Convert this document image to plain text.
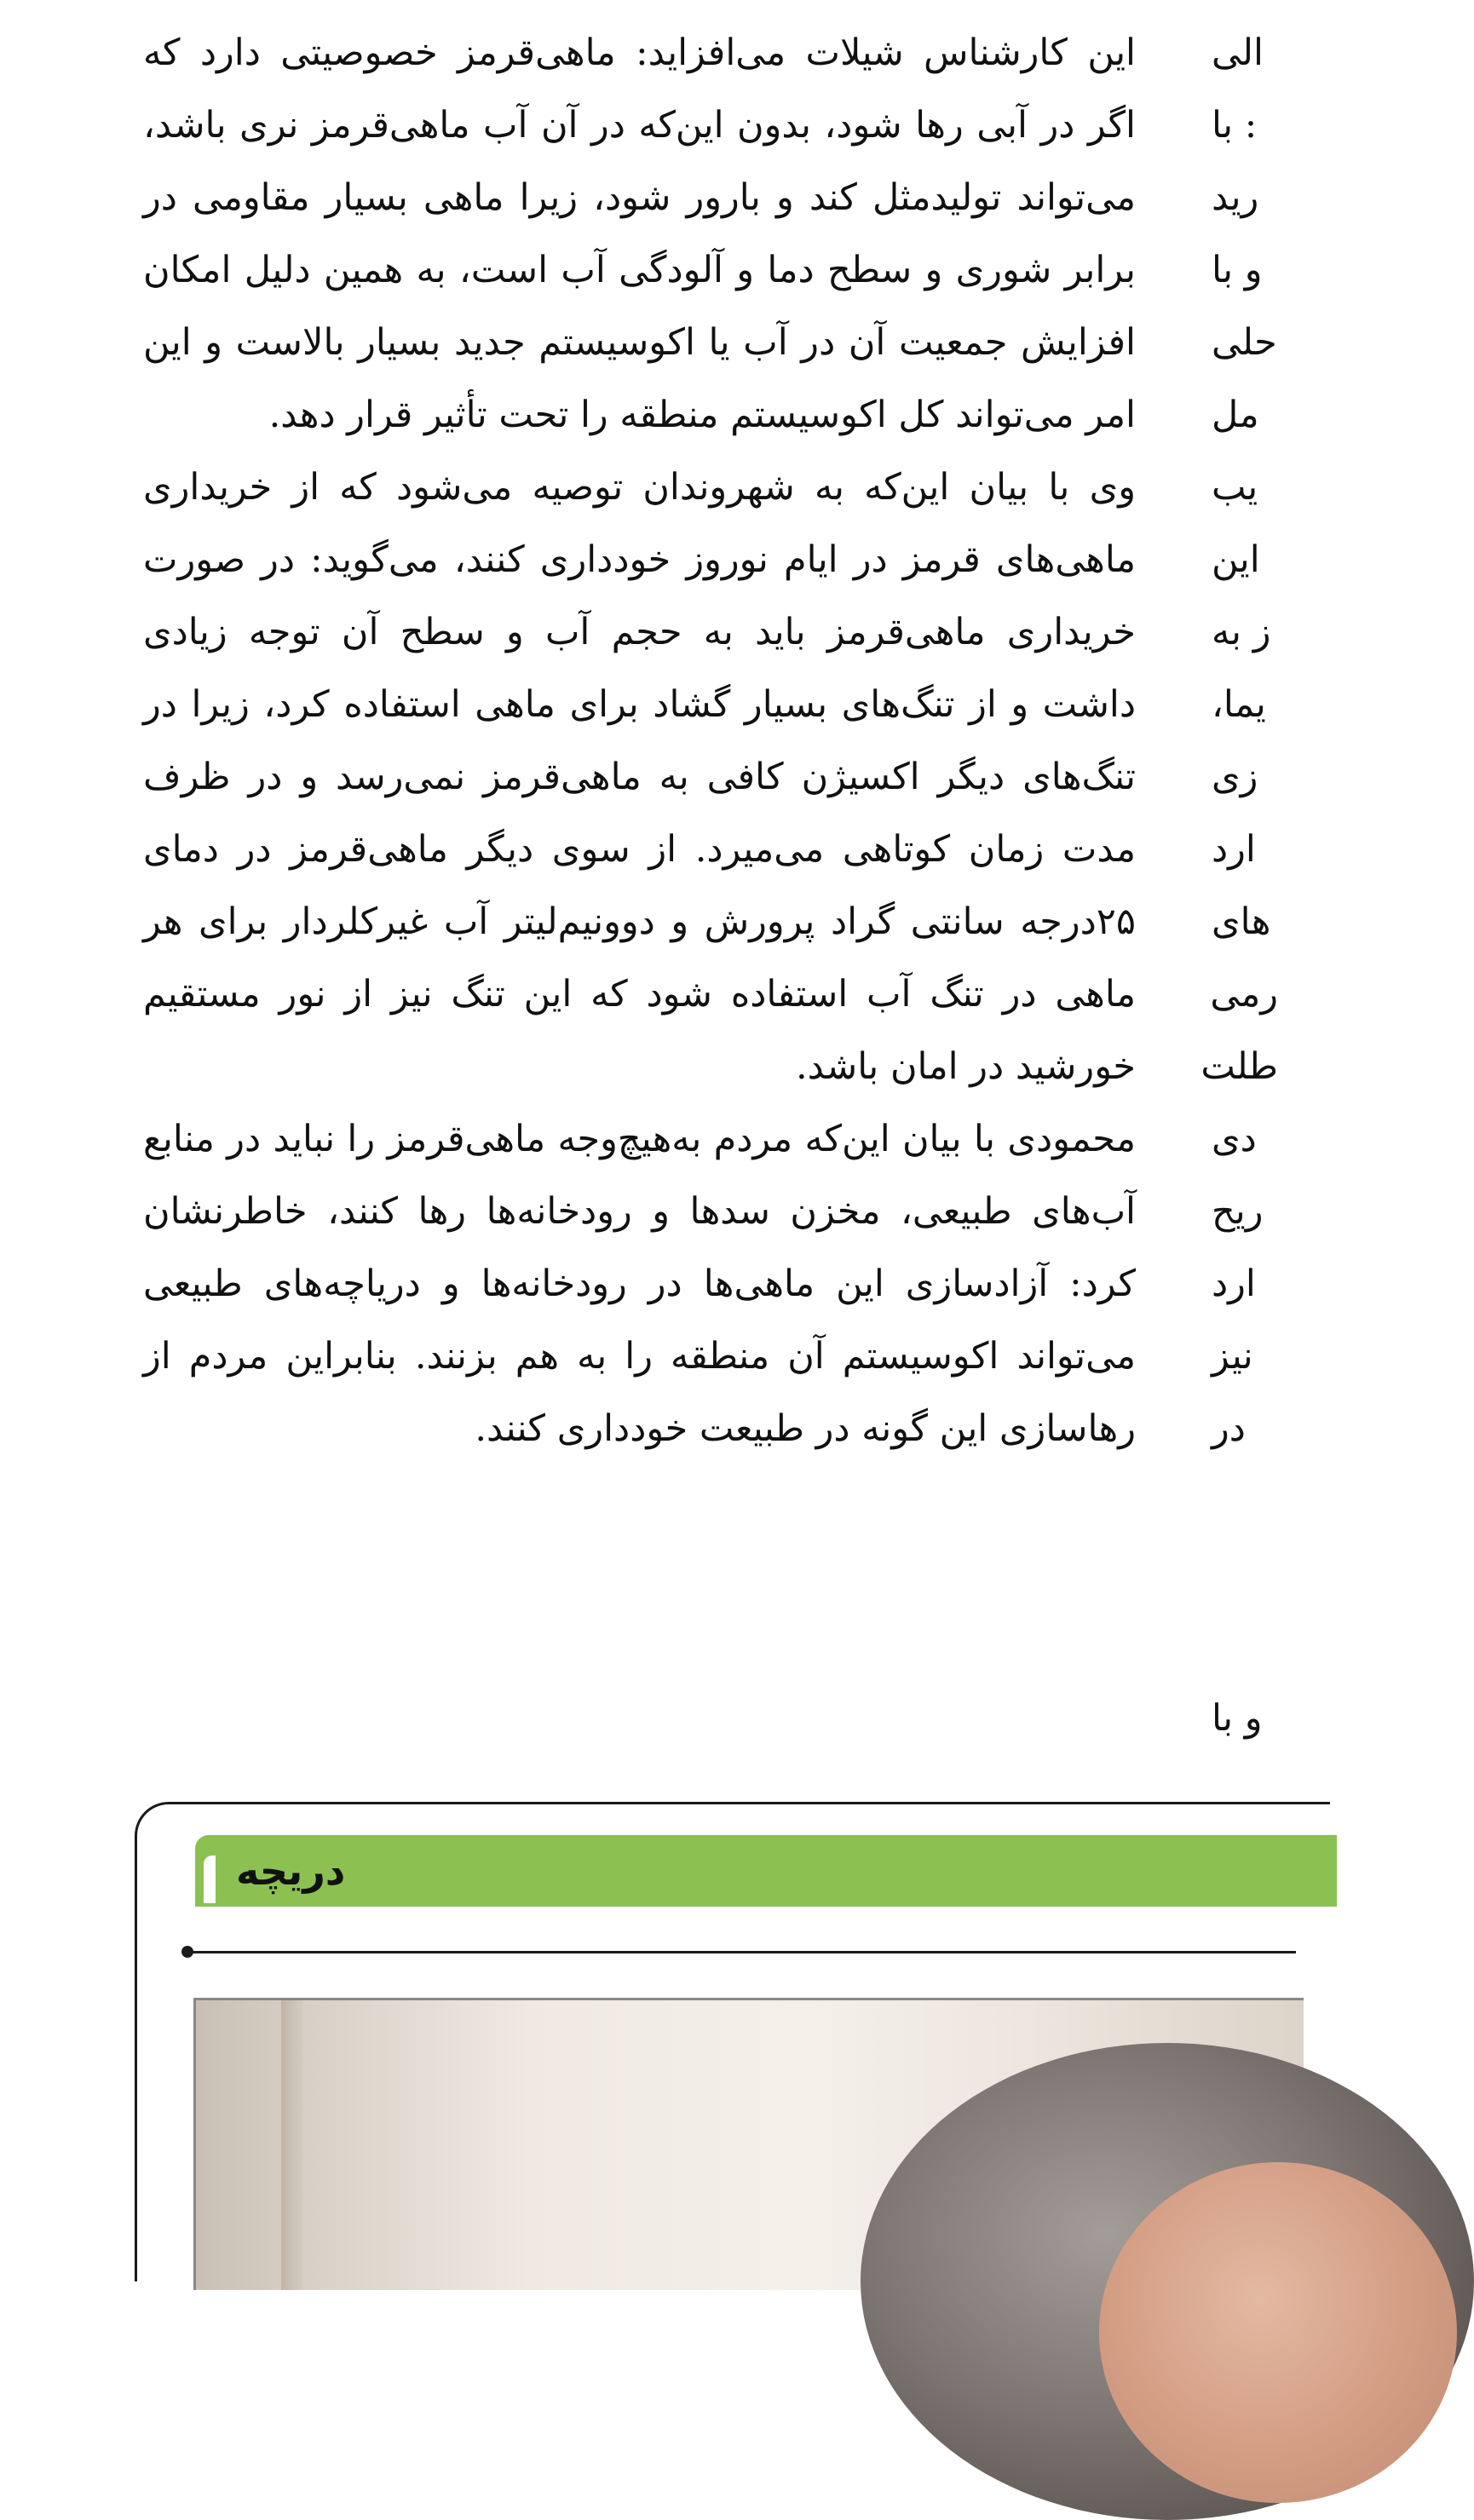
این کارشناس شیلات می‌افزاید: ماهی‌قرمز خصوصیتی دارد که اگر در آبی رها شود، بدون این‌که در آن آب ماهی‌قرمز نری باشد، می‌تواند تولیدمثل کند و بارور شود، زیرا ماهی بسیار مقاومی در برابر شوری و سطح دما و آلودگی آب است، به همین دلیل امکان افزایش جمعیت آن در آب یا اکوسیستم جدید بسیار بالاست و این امر می‌تواند کل اکوسیستم منطقه را تحت تأثیر قرار دهد.

وی با بیان این‌که به شهروندان توصیه می‌شود که از خریداری ماهی‌های قرمز در ایام نوروز خودداری کنند، می‌گوید: در صورت خریداری ماهی‌قرمز باید به حجم آب و سطح آن توجه زیادی داشت و از تنگ‌های بسیار گشاد برای ماهی استفاده کرد، زیرا در تنگ‌های دیگر اکسیژن کافی به ماهی‌قرمز نمی‌رسد و در ظرف مدت زمان کوتاهی می‌میرد. از سوی دیگر ماهی‌قرمز در دمای ۲۵درجه سانتی گراد پرورش و دوونیم‌لیتر آب غیرکلردار برای هر ماهی در تنگ آب استفاده شود که این تنگ نیز از نور مستقیم خورشید در امان باشد.

محمودی با بیان این‌که مردم به‌هیچ‌وجه ماهی‌قرمز را نباید در منابع آب‌های طبیعی، مخزن سدها و رودخانه‌ها رها کنند، خاطرنشان کرد: آزادسازی این ماهی‌ها در رودخانه‌ها و دریاچه‌های طبیعی می‌تواند اکوسیستم آن منطقه را به هم بزنند. بنابراین مردم از رهاسازی این گونه در طبیعت خودداری کنند.

الی
: با
رید
و با
حلی
مل
یب
این
ز به
یما،
زی
ارد
های
رمی
طلت
دی
ریح
ارد
نیز
در
و با
دریچه
